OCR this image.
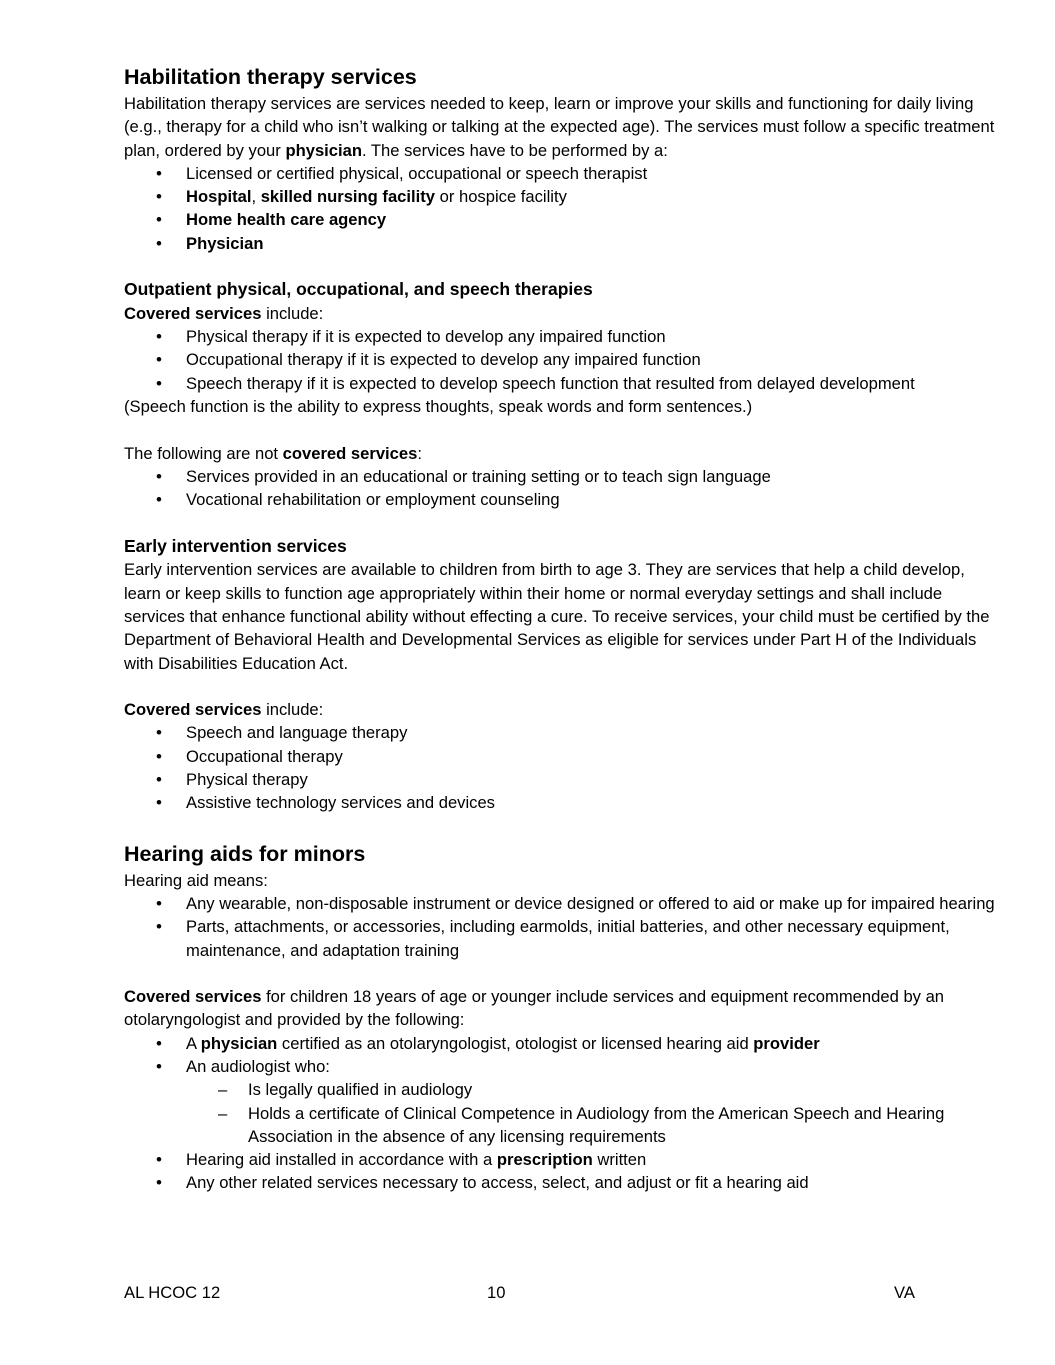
Habilitation therapy services

Habilitation therapy services are services needed to keep, learn or improve your skills and functioning for daily living (e.g., therapy for a child who isn’t walking or talking at the expected age). The services must follow a specific treatment plan, ordered by your physician. The services have to be performed by a:

• Licensed or certified physical, occupational or speech therapist
• Hospital, skilled nursing facility or hospice facility
• Home health care agency
• Physician
Outpatient physical, occupational, and speech therapies

Covered services include:

• Physical therapy if it is expected to develop any impaired function
• Occupational therapy if it is expected to develop any impaired function
• Speech therapy if it is expected to develop speech function that resulted from delayed development

(Speech function is the ability to express thoughts, speak words and form sentences.)

The following are not covered services:

• Services provided in an educational or training setting or to teach sign language
• Vocational rehabilitation or employment counseling
Early intervention services

Early intervention services are available to children from birth to age 3. They are services that help a child develop, learn or keep skills to function age appropriately within their home or normal everyday settings and shall include services that enhance functional ability without effecting a cure. To receive services, your child must be certified by the Department of Behavioral Health and Developmental Services as eligible for services under Part H of the Individuals with Disabilities Education Act.

Covered services include:

• Speech and language therapy
• Occupational therapy
• Physical therapy
• Assistive technology services and devices
Hearing aids for minors

Hearing aid means:

• Any wearable, non-disposable instrument or device designed or offered to aid or make up for impaired hearing
• Parts, attachments, or accessories, including earmolds, initial batteries, and other necessary equipment, maintenance, and adaptation training

Covered services for children 18 years of age or younger include services and equipment recommended by an otolaryngologist and provided by the following:

• A physician certified as an otolaryngologist, otologist or licensed hearing aid provider
• An audiologist who:
– Is legally qualified in audiology
– Holds a certificate of Clinical Competence in Audiology from the American Speech and Hearing Association in the absence of any licensing requirements
• Hearing aid installed in accordance with a prescription written
• Any other related services necessary to access, select, and adjust or fit a hearing aid
AL HCOC 12	10	VA
